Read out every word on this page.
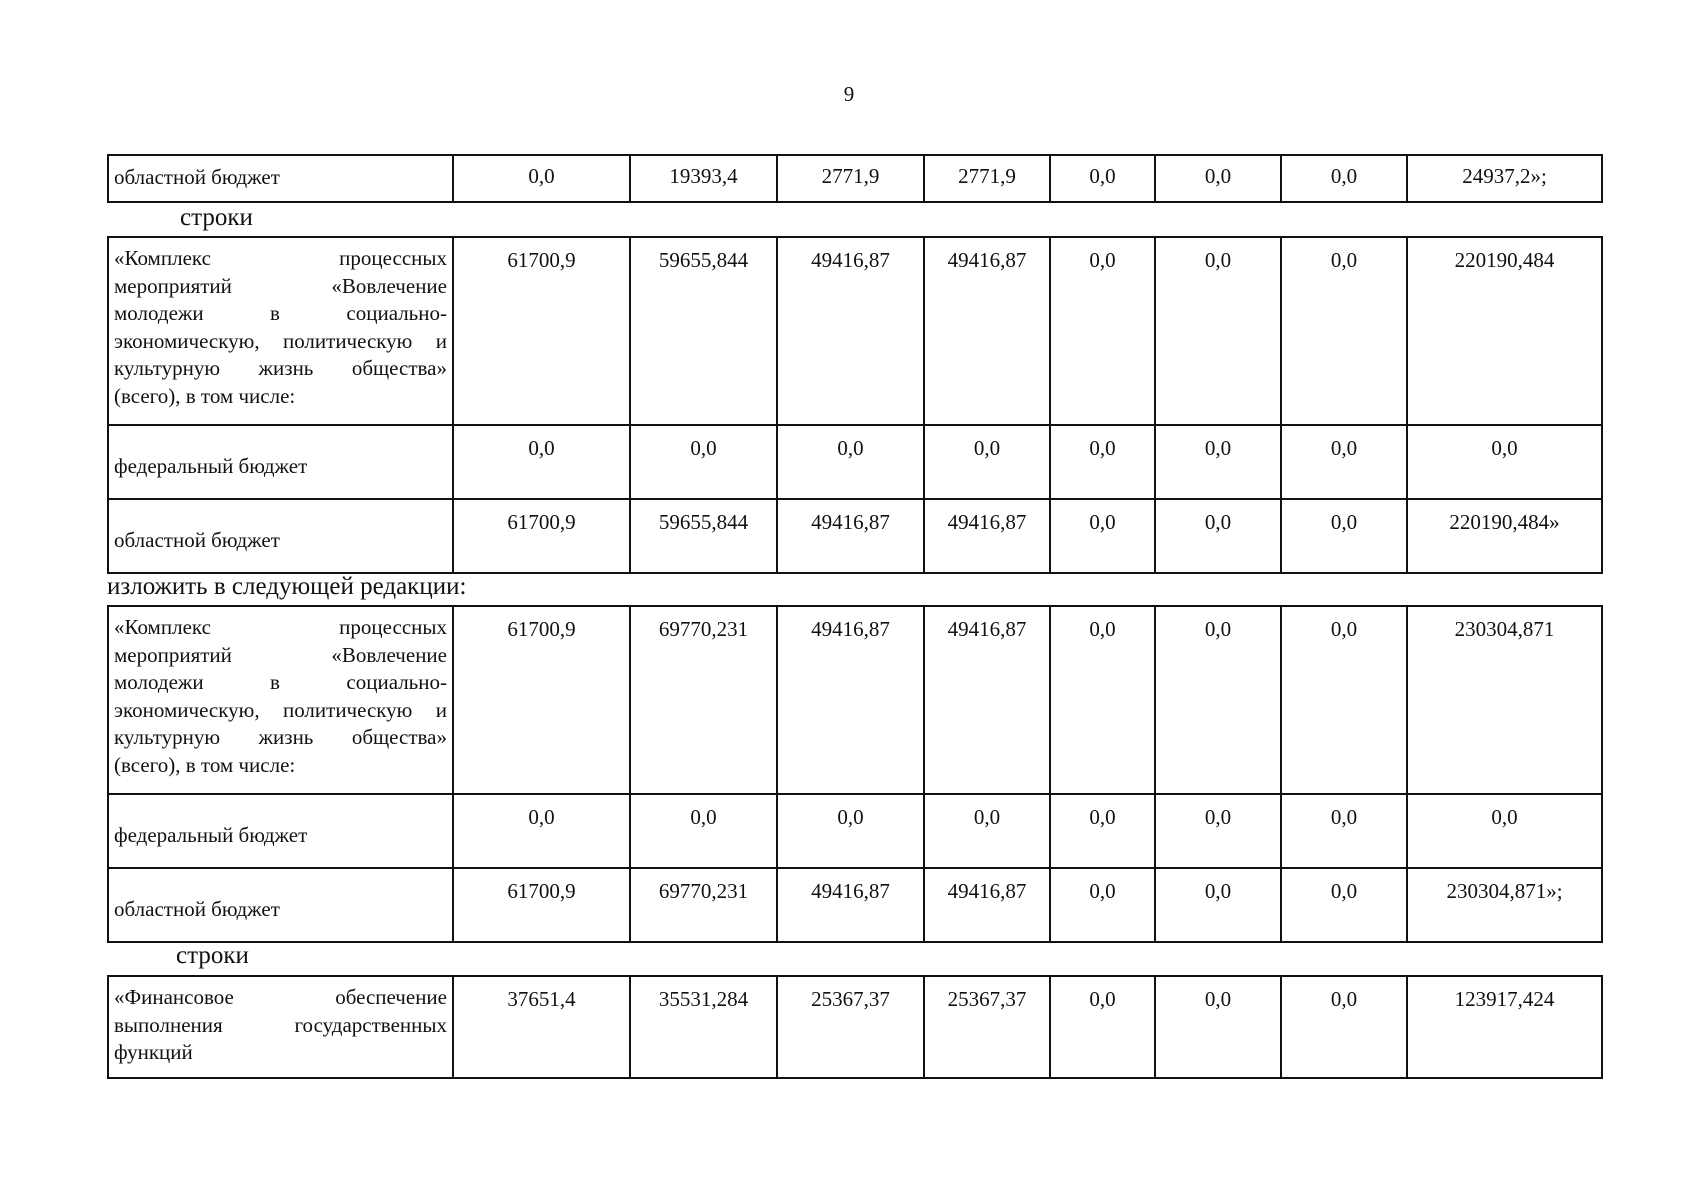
9
областной бюджет	0,0	19393,4	2771,9	2771,9	0,0	0,0	0,0	24937,2»;
строки
«Комплекс процессных мероприятий «Вовлечение молодежи в социально-экономическую, политическую и культурную жизнь общества» (всего), в том числе:	61700,9	59655,844	49416,87	49416,87	0,0	0,0	0,0	220190,484
федеральный бюджет	0,0	0,0	0,0	0,0	0,0	0,0	0,0	0,0
областной бюджет	61700,9	59655,844	49416,87	49416,87	0,0	0,0	0,0	220190,484»
изложить в следующей редакции:
«Комплекс процессных мероприятий «Вовлечение молодежи в социально-экономическую, политическую и культурную жизнь общества» (всего), в том числе:	61700,9	69770,231	49416,87	49416,87	0,0	0,0	0,0	230304,871
федеральный бюджет	0,0	0,0	0,0	0,0	0,0	0,0	0,0	0,0
областной бюджет	61700,9	69770,231	49416,87	49416,87	0,0	0,0	0,0	230304,871»;
строки
«Финансовое обеспечение выполнения государственных функций	37651,4	35531,284	25367,37	25367,37	0,0	0,0	0,0	123917,424
